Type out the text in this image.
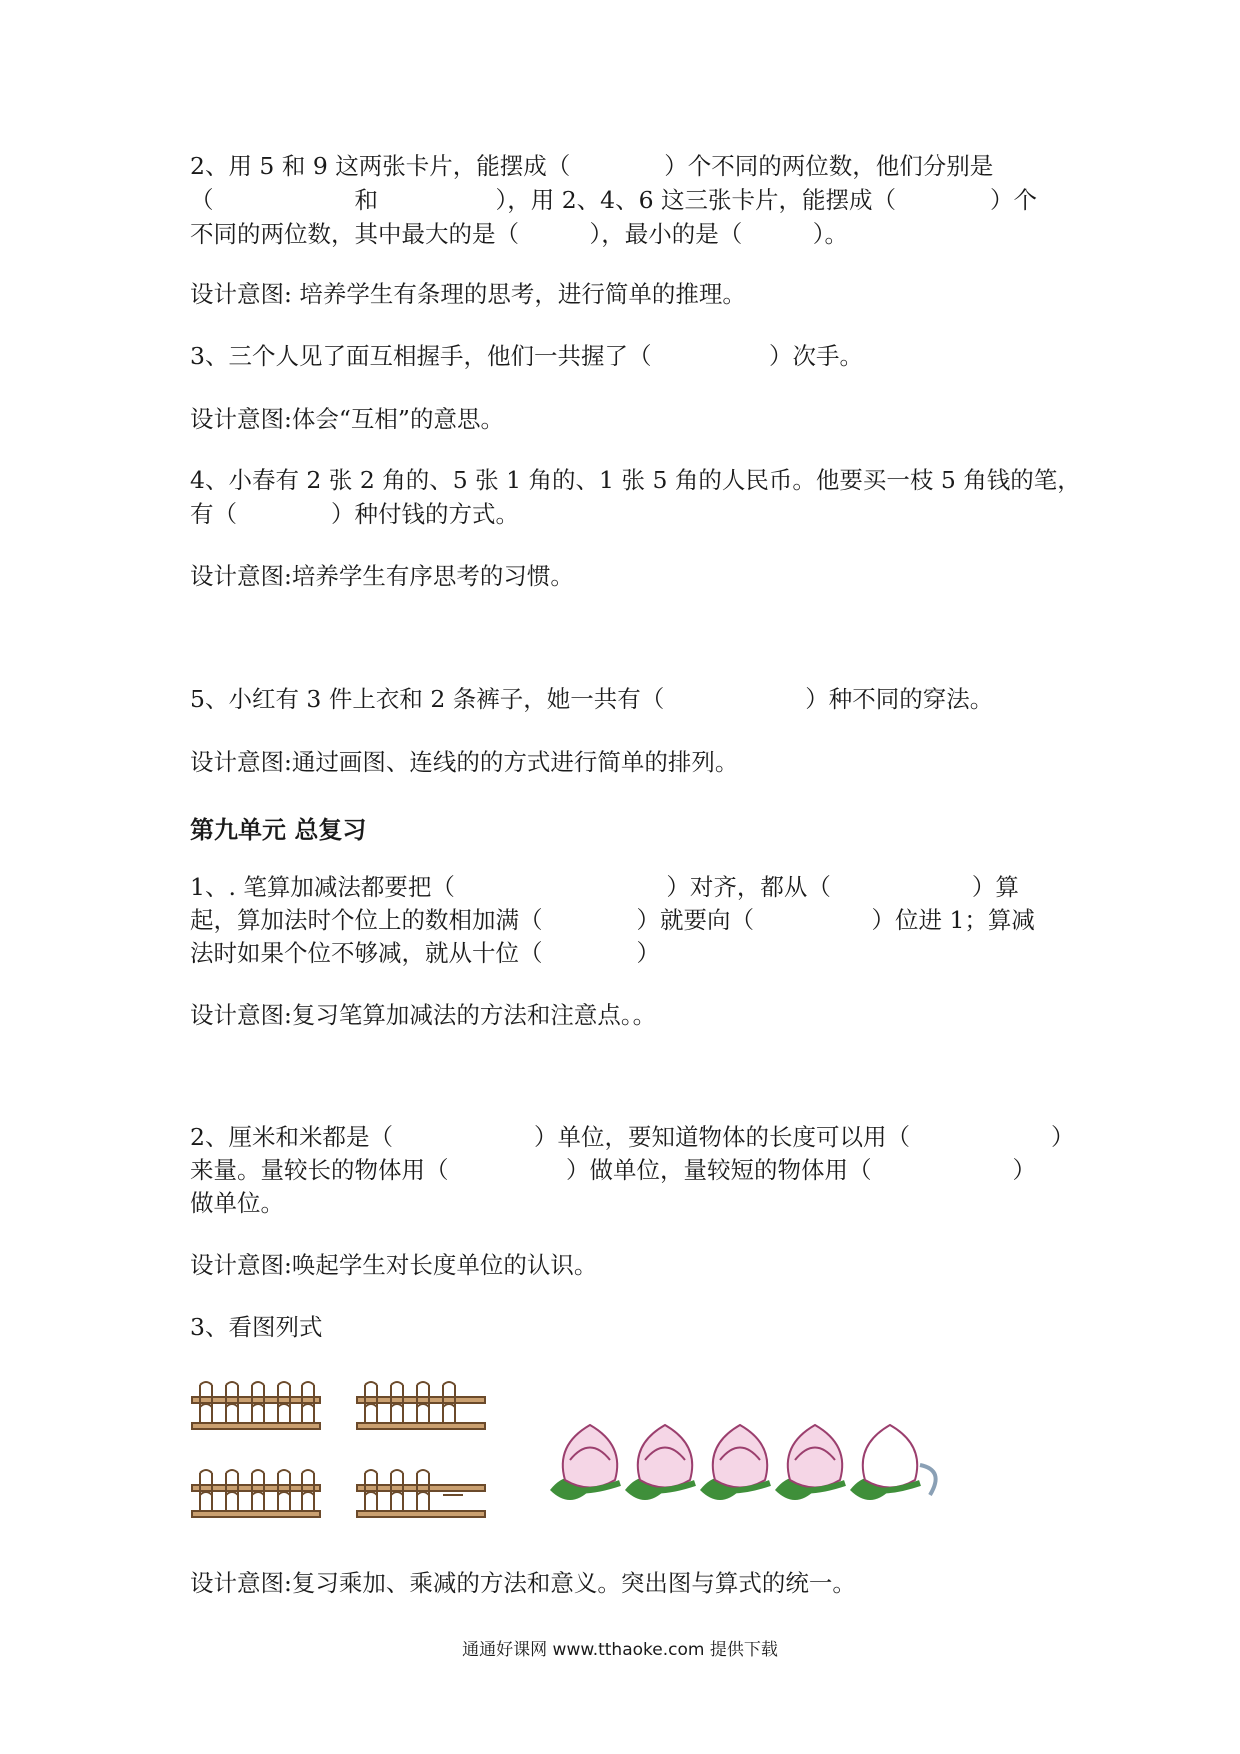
2、用 5 和 9 这两张卡片，能摆成（　　　　）个不同的两位数，他们分别是
（　　　　　　和　　　　　），用 2、4、6 这三张卡片，能摆成（　　　　）个
不同的两位数，其中最大的是（　　　），最小的是（　　　）。
设计意图: 培养学生有条理的思考，进行简单的推理。
3、三个人见了面互相握手，他们一共握了（　　　　　）次手。
设计意图:体会“互相”的意思。
4、小春有 2 张 2 角的、5 张 1 角的、1 张 5 角的人民币。他要买一枝 5 角钱的笔，
有（　　　　）种付钱的方式。
设计意图:培养学生有序思考的习惯。
5、小红有 3 件上衣和 2 条裤子，她一共有（　　　　　　）种不同的穿法。
设计意图:通过画图、连线的的方式进行简单的排列。
第九单元 总复习
1、. 笔算加减法都要把（　　　　　　　　　）对齐，都从（　　　　　　）算
起，算加法时个位上的数相加满（　　　　）就要向（　　　　　）位进 1；算减
法时如果个位不够减，就从十位（　　　　）
设计意图:复习笔算加减法的方法和注意点。。
2、厘米和米都是（　　　　　　）单位，要知道物体的长度可以用（　　　　　　）
来量。量较长的物体用（　　　　　）做单位，量较短的物体用（　　　　　　）
做单位。
设计意图:唤起学生对长度单位的认识。
3、看图列式
设计意图:复习乘加、乘减的方法和意义。突出图与算式的统一。
通通好课网 www.tthaoke.com 提供下载
